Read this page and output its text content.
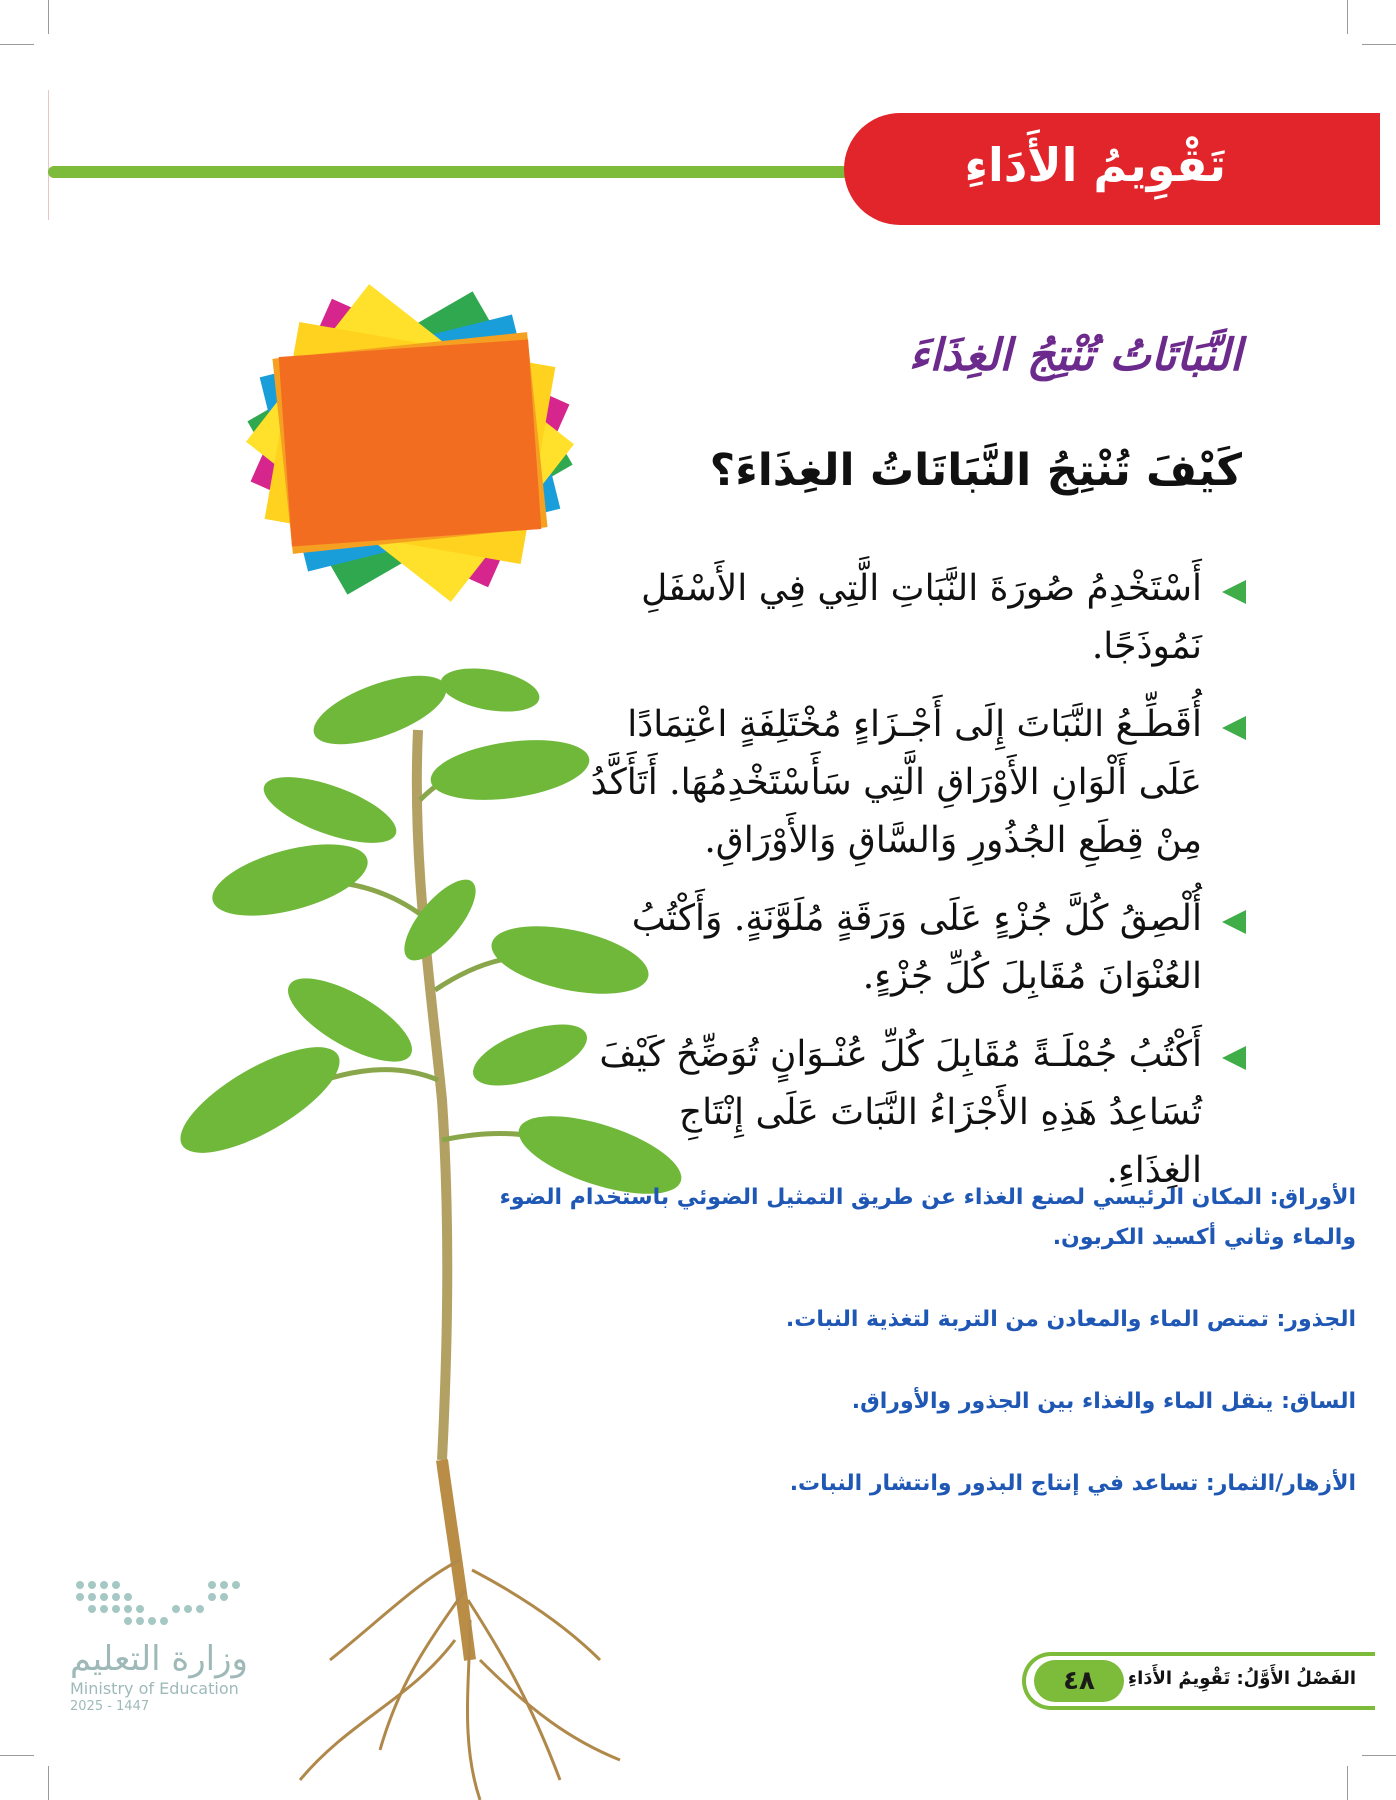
تَقْوِيمُ الأَدَاءِ
النَّبَاتَاتُ تُنْتِجُ الغِذَاءَ
كَيْفَ تُنْتِجُ النَّبَاتَاتُ الغِذَاءَ؟
أَسْتَخْدِمُ صُورَةَ النَّبَاتِ الَّتِي فِي الأَسْفَلِ نَمُوذَجًا.
أُقَطِّـعُ النَّبَاتَ إِلَى أَجْـزَاءٍ مُخْتَلِفَةٍ اعْتِمَادًا عَلَى أَلْوَانِ الأَوْرَاقِ الَّتِي سَأَسْتَخْدِمُهَا. أَتَأَكَّدُ مِنْ قِطَعِ الجُذُورِ وَالسَّاقِ وَالأَوْرَاقِ.
أُلْصِقُ كُلَّ جُزْءٍ عَلَى وَرَقَةٍ مُلَوَّنَةٍ. وَأَكْتُبُ العُنْوَانَ مُقَابِلَ كُلِّ جُزْءٍ.
أَكْتُبُ جُمْلَـةً مُقَابِلَ كُلِّ عُنْـوَانٍ تُوَضِّحُ كَيْفَ تُسَاعِدُ هَذِهِ الأَجْزَاءُ النَّبَاتَ عَلَى إِنْتَاجِ الغِذَاءِ.

الأوراق: المكان الرئيسي لصنع الغذاء عن طريق التمثيل الضوئي باستخدام الضوء والماء وثاني أكسيد الكربون.

الجذور: تمتص الماء والمعادن من التربة لتغذية النبات.

الساق: ينقل الماء والغذاء بين الجذور والأوراق.

الأزهار/الثمار: تساعد في إنتاج البذور وانتشار النبات.

وزارة التعليم
Ministry of Education
2025 - 1447
٤٨	الفَصْلُ الأَوَّلُ: تَقْوِيمُ الأَدَاءِ
